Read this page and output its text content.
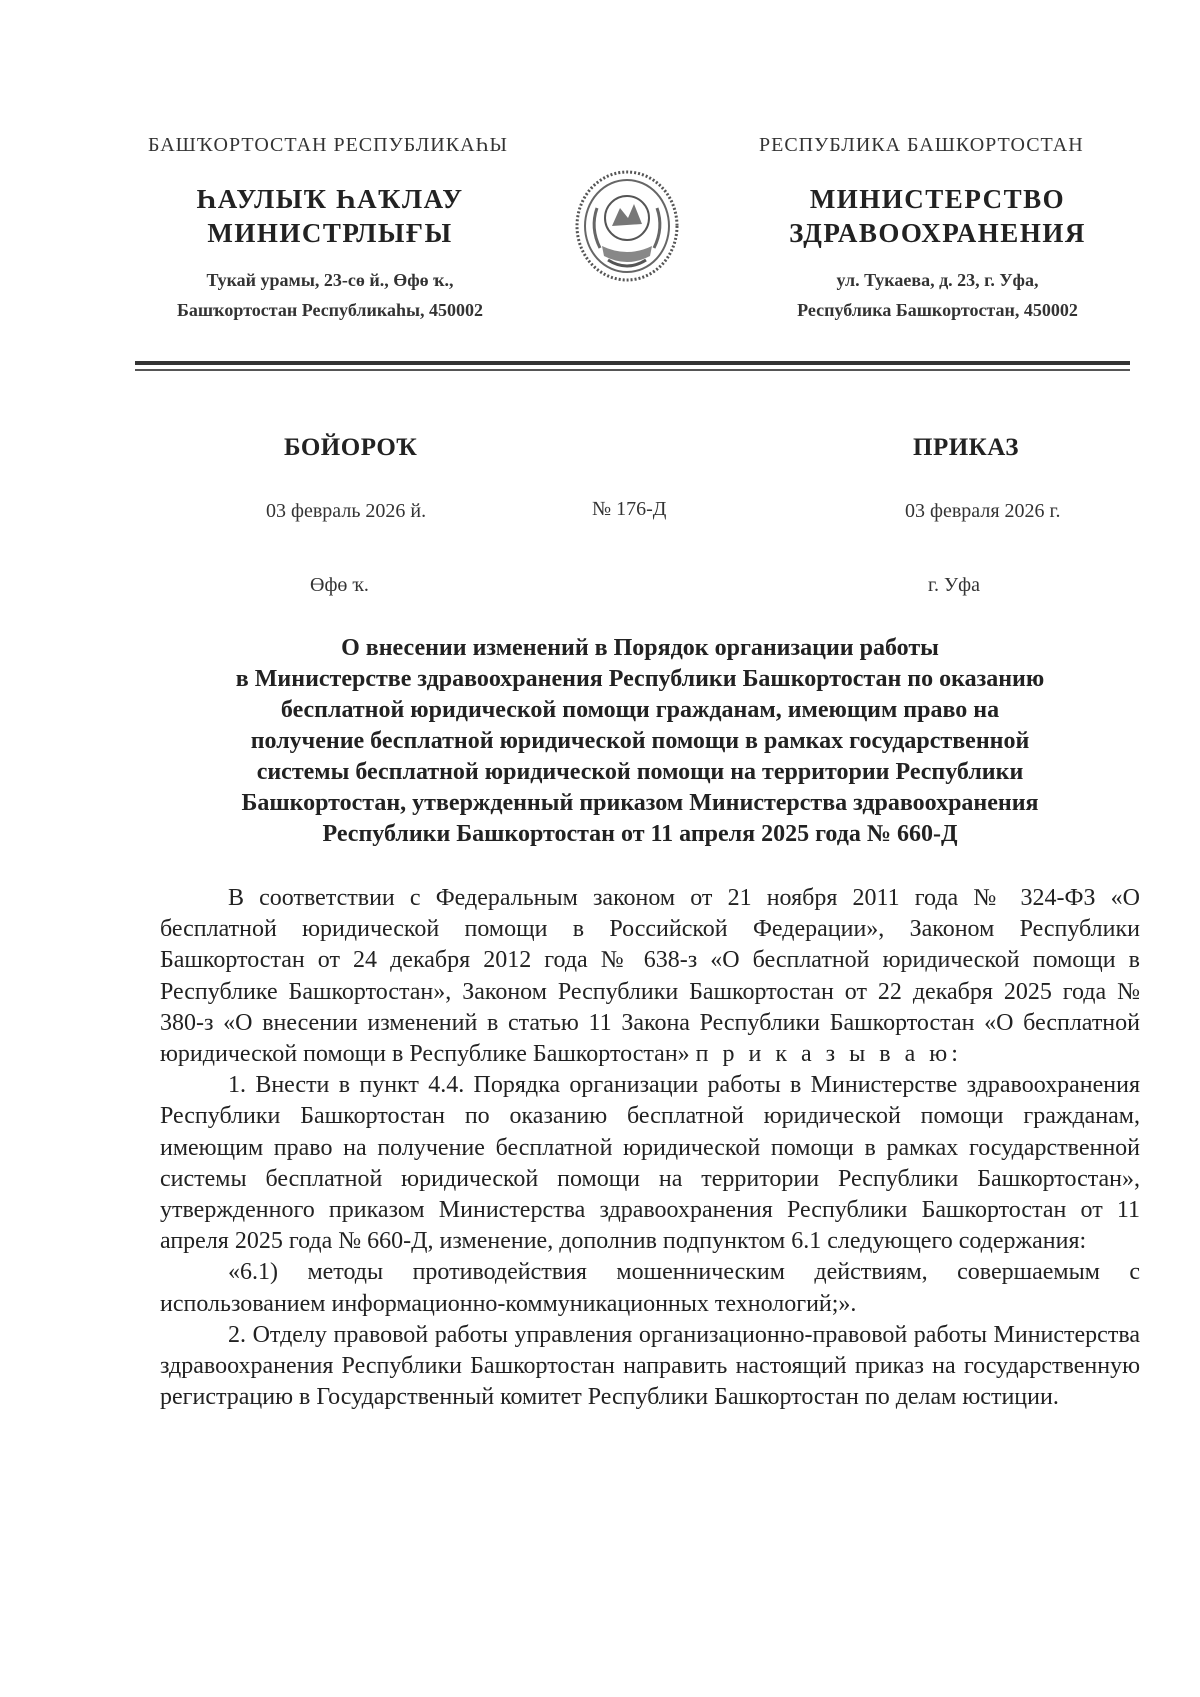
БАШҠОРТОСТАН РЕСПУБЛИКАҺЫ
ҺАУЛЫҠ ҺАҠЛАУ
МИНИСТРЛЫҒЫ
Тукай урамы, 23-сө й., Өфө ҡ.,
Башҡортостан Республикаһы, 450002
РЕСПУБЛИКА БАШКОРТОСТАН
МИНИСТЕРСТВО
ЗДРАВООХРАНЕНИЯ
ул. Тукаева, д. 23, г. Уфа,
Республика Башкортостан, 450002
БОЙОРОҠ	ПРИКАЗ
03 февраль 2026 й.	№ 176-Д	03 февраля 2026 г.
Өфө ҡ.	г. Уфа
О внесении изменений в Порядок организации работы
в Министерстве здравоохранения Республики Башкортостан по оказанию
бесплатной юридической помощи гражданам, имеющим право на
получение бесплатной юридической помощи в рамках государственной
системы бесплатной юридической помощи на территории Республики
Башкортостан, утвержденный приказом Министерства здравоохранения
Республики Башкортостан от 11 апреля 2025 года № 660-Д

В соответствии с Федеральным законом от 21 ноября 2011 года № 324-ФЗ «О бесплатной юридической помощи в Российской Федерации», Законом Республики Башкортостан от 24 декабря 2012 года № 638-з «О бесплатной юридической помощи в Республике Башкортостан», Законом Республики Башкортостан от 22 декабря 2025 года № 380-з «О внесении изменений в статью 11 Закона Республики Башкортостан «О бесплатной юридической помощи в Республике Башкортостан» п р и к а з ы в а ю:

1. Внести в пункт 4.4. Порядка организации работы в Министерстве здравоохранения Республики Башкортостан по оказанию бесплатной юридической помощи гражданам, имеющим право на получение бесплатной юридической помощи в рамках государственной системы бесплатной юридической помощи на территории Республики Башкортостан», утвержденного приказом Министерства здравоохранения Республики Башкортостан от 11 апреля 2025 года № 660-Д, изменение, дополнив подпунктом 6.1 следующего содержания:

«6.1) методы противодействия мошенническим действиям, совершаемым с использованием информационно-коммуникационных технологий;».

2. Отделу правовой работы управления организационно-правовой работы Министерства здравоохранения Республики Башкортостан направить настоящий приказ на государственную регистрацию в Государственный комитет Республики Башкортостан по делам юстиции.
